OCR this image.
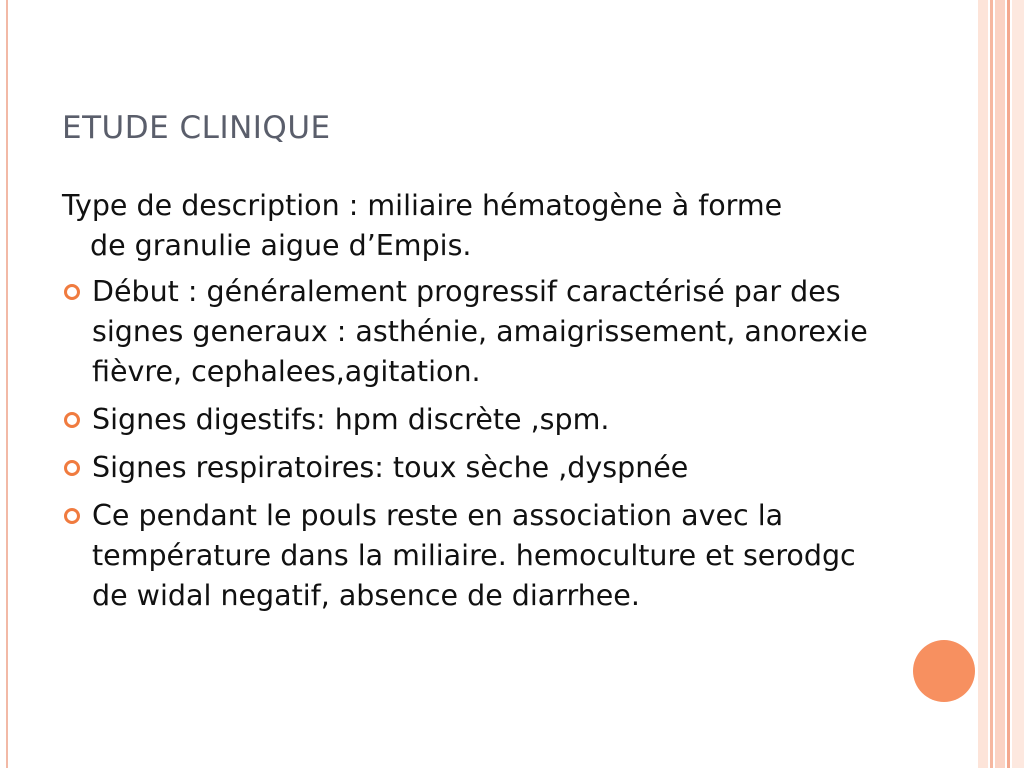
ETUDE CLINIQUE
Type de description : miliaire hématogène à forme
de granulie aigue d’Empis.
Début : généralement progressif caractérisé par des signes generaux : asthénie, amaigrissement, anorexie fièvre, cephalees,agitation.
Signes digestifs: hpm discrète ,spm.
Signes respiratoires: toux sèche ,dyspnée
Ce pendant le pouls reste en association avec la température dans la miliaire. hemoculture et serodgc de widal negatif, absence de diarrhee.
